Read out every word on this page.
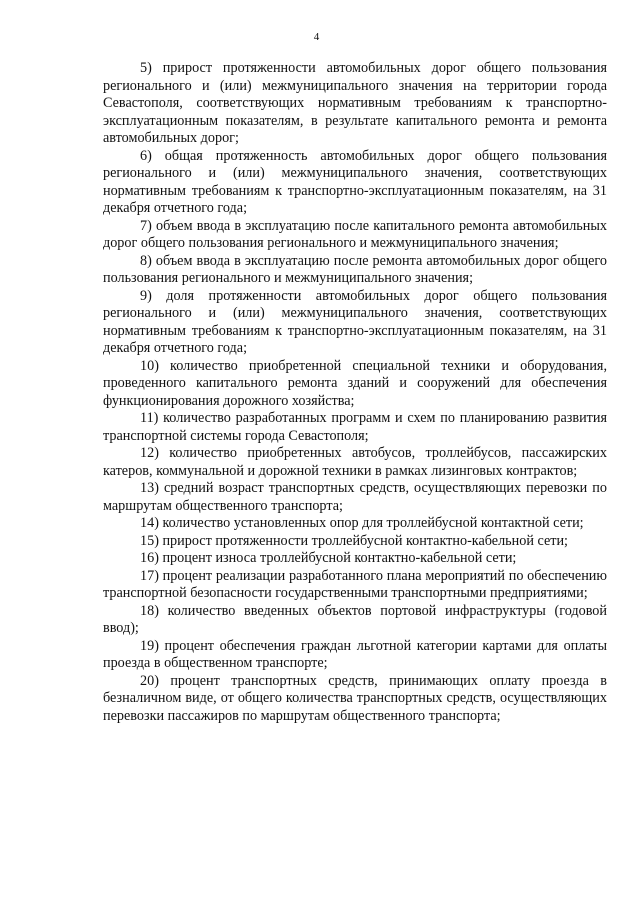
4

5) прирост протяженности автомобильных дорог общего пользования регионального и (или) межмуниципального значения на территории города Севастополя, соответствующих нормативным требованиям к транспортно-эксплуатационным показателям, в результате капитального ремонта и ремонта автомобильных дорог;

6) общая протяженность автомобильных дорог общего пользования регионального и (или) межмуниципального значения, соответствующих нормативным требованиям к транспортно-эксплуатационным показателям, на 31 декабря отчетного года;

7) объем ввода в эксплуатацию после капитального ремонта автомобильных дорог общего пользования регионального и межмуниципального значения;

8) объем ввода в эксплуатацию после ремонта автомобильных дорог общего пользования регионального и межмуниципального значения;

9) доля протяженности автомобильных дорог общего пользования регионального и (или) межмуниципального значения, соответствующих нормативным требованиям к транспортно-эксплуатационным показателям, на 31 декабря отчетного года;

10) количество приобретенной специальной техники и оборудования, проведенного капитального ремонта зданий и сооружений для обеспечения функционирования дорожного хозяйства;

11) количество разработанных программ и схем по планированию развития транспортной системы города Севастополя;

12) количество приобретенных автобусов, троллейбусов, пассажирских катеров, коммунальной и дорожной техники в рамках лизинговых контрактов;

13) средний возраст транспортных средств, осуществляющих перевозки по маршрутам общественного транспорта;

14) количество установленных опор для троллейбусной контактной сети;

15) прирост протяженности троллейбусной контактно-кабельной сети;

16) процент износа троллейбусной контактно-кабельной сети;

17) процент реализации разработанного плана мероприятий по обеспечению транспортной безопасности государственными транспортными предприятиями;

18) количество введенных объектов портовой инфраструктуры (годовой ввод);

19) процент обеспечения граждан льготной категории картами для оплаты проезда в общественном транспорте;

20) процент транспортных средств, принимающих оплату проезда в безналичном виде, от общего количества транспортных средств, осуществляющих перевозки пассажиров по маршрутам общественного транспорта;
